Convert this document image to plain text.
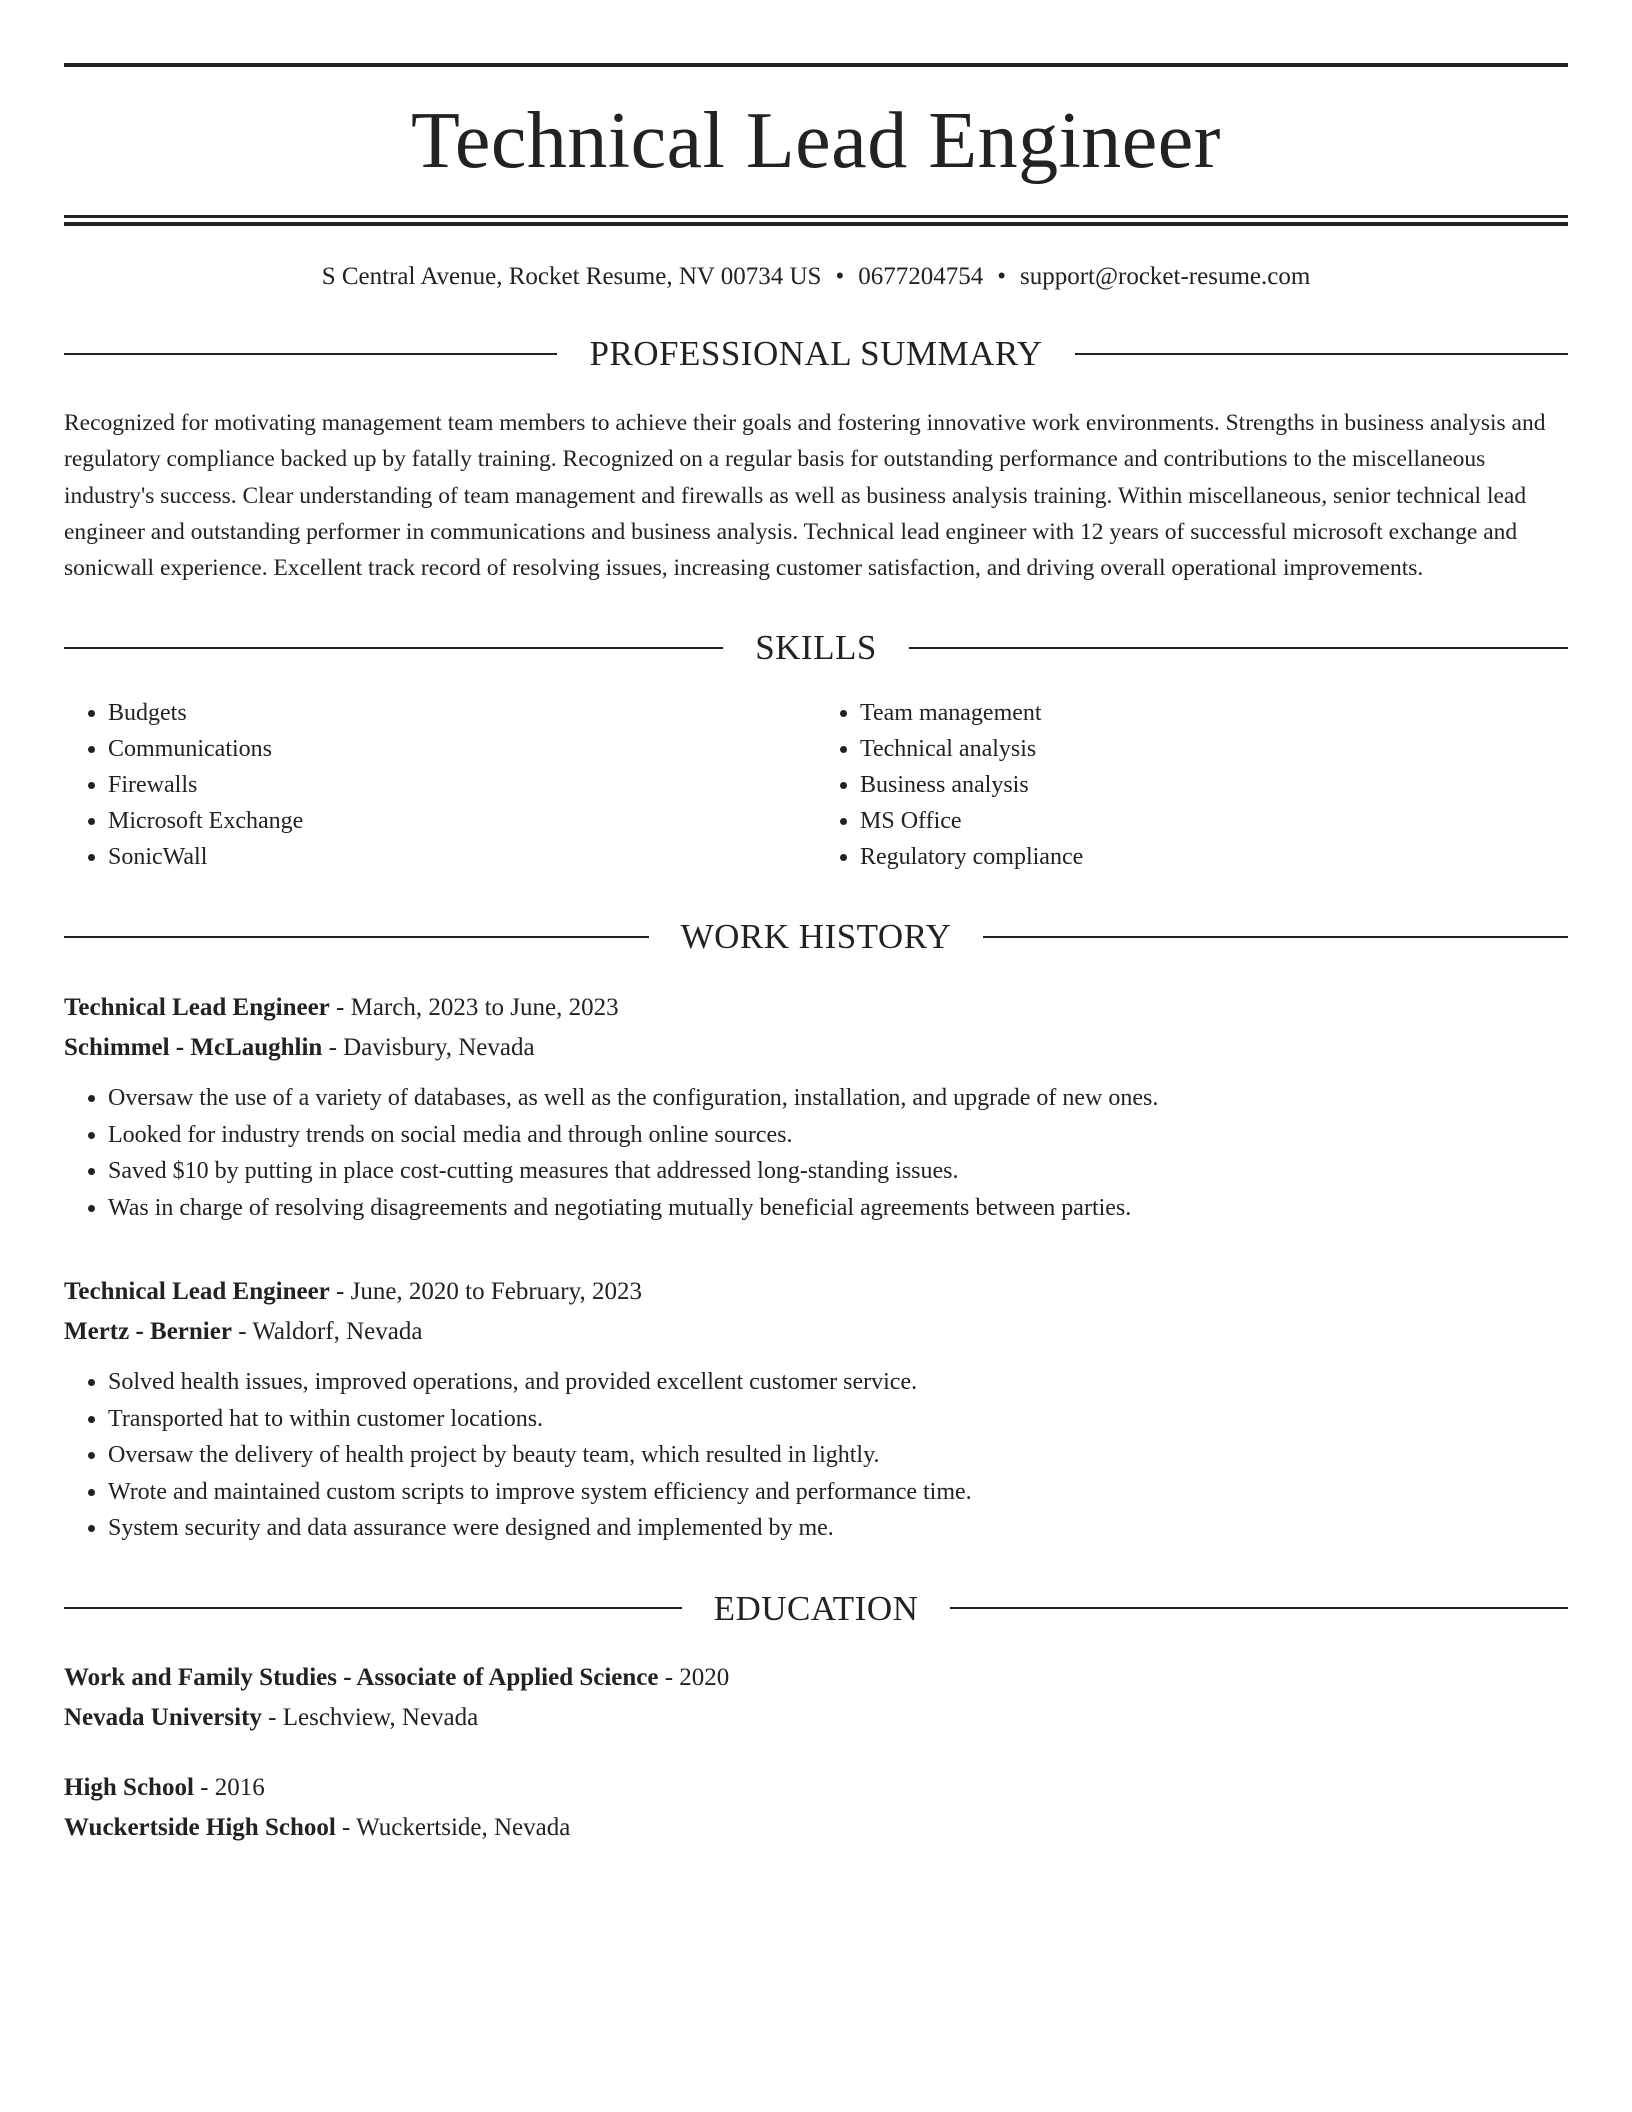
Technical Lead Engineer
S Central Avenue, Rocket Resume, NV 00734 US • 0677204754 • support@rocket-resume.com
PROFESSIONAL SUMMARY
Recognized for motivating management team members to achieve their goals and fostering innovative work environments. Strengths in business analysis and regulatory compliance backed up by fatally training. Recognized on a regular basis for outstanding performance and contributions to the miscellaneous industry's success. Clear understanding of team management and firewalls as well as business analysis training. Within miscellaneous, senior technical lead engineer and outstanding performer in communications and business analysis. Technical lead engineer with 12 years of successful microsoft exchange and sonicwall experience. Excellent track record of resolving issues, increasing customer satisfaction, and driving overall operational improvements.
SKILLS
• Budgets
• Communications
• Firewalls
• Microsoft Exchange
• SonicWall
• Team management
• Technical analysis
• Business analysis
• MS Office
• Regulatory compliance
WORK HISTORY
Technical Lead Engineer - March, 2023 to June, 2023
Schimmel - McLaughlin - Davisbury, Nevada
• Oversaw the use of a variety of databases, as well as the configuration, installation, and upgrade of new ones.
• Looked for industry trends on social media and through online sources.
• Saved $10 by putting in place cost-cutting measures that addressed long-standing issues.
• Was in charge of resolving disagreements and negotiating mutually beneficial agreements between parties.
Technical Lead Engineer - June, 2020 to February, 2023
Mertz - Bernier - Waldorf, Nevada
• Solved health issues, improved operations, and provided excellent customer service.
• Transported hat to within customer locations.
• Oversaw the delivery of health project by beauty team, which resulted in lightly.
• Wrote and maintained custom scripts to improve system efficiency and performance time.
• System security and data assurance were designed and implemented by me.
EDUCATION
Work and Family Studies - Associate of Applied Science - 2020
Nevada University - Leschview, Nevada
High School - 2016
Wuckertside High School - Wuckertside, Nevada
